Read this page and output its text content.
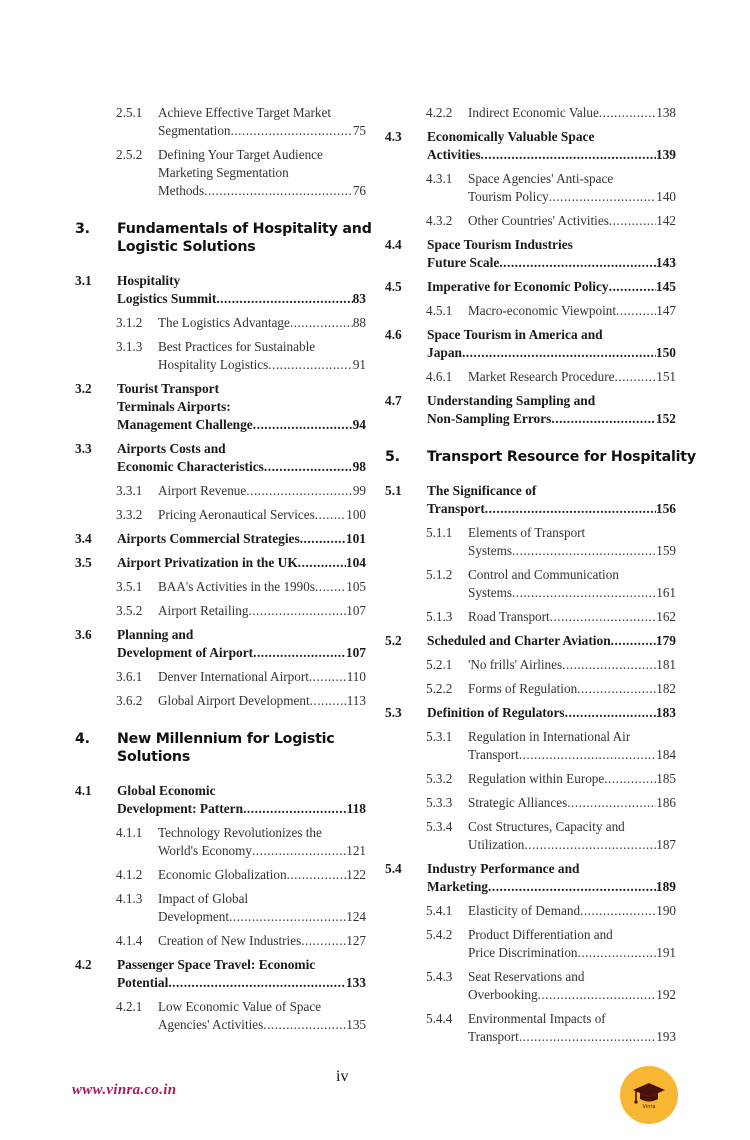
2.5.1	Achieve Effective Target Market
Segmentation .....	75
2.5.2	Defining Your Target Audience
Marketing Segmentation
Methods .....	76
3.	Fundamentals of Hospitality and
Logistic Solutions
3.1	Hospitality
Logistics Summit .....	83
3.1.2	The Logistics Advantage .....	88
3.1.3	Best Practices for Sustainable
Hospitality Logistics .....	91
3.2	Tourist Transport
Terminals Airports:
Management Challenge .....	94
3.3	Airports Costs and
Economic Characteristics .....	98
3.3.1	Airport Revenue .....	99
3.3.2	Pricing Aeronautical Services ..... 100
3.4	Airports Commercial Strategies .....	101
3.5	Airport Privatization in the UK .....	104
3.5.1	BAA's Activities in the 1990s ..... 105
3.5.2	Airport Retailing .....	107
3.6	Planning and
Development of Airport .....	107
3.6.1	Denver International Airport .....	110
3.6.2	Global Airport Development .....	113
4.	New Millennium for Logistic
Solutions
4.1	Global Economic
Development: Pattern .....	118
4.1.1	Technology Revolutionizes the
World's Economy .....	121
4.1.2	Economic Globalization .....	122
4.1.3	Impact of Global
Development .....	124
4.1.4	Creation of New Industries .....	127
4.2	Passenger Space Travel: Economic
Potential .....	133
4.2.1	Low Economic Value of Space
Agencies' Activities .....	135
4.2.2	Indirect Economic Value .....	138
4.3	Economically Valuable Space
Activities .....	139
4.3.1	Space Agencies' Anti-space
Tourism Policy .....	140
4.3.2	Other Countries' Activities .....	142
4.4	Space Tourism Industries
Future Scale .....	143
4.5	Imperative for Economic Policy .....	145
4.5.1	Macro-economic Viewpoint .....	147
4.6	Space Tourism in America and
Japan .....	150
4.6.1	Market Research Procedure .....	151
4.7	Understanding Sampling and
Non-Sampling Errors .....	152
5.	Transport Resource for Hospitality
5.1	The Significance of
Transport .....	156
5.1.1	Elements of Transport
Systems .....	159
5.1.2	Control and Communication
Systems .....	161
5.1.3	Road Transport .....	162
5.2	Scheduled and Charter Aviation .....	179
5.2.1	'No frills' Airlines .....	181
5.2.2	Forms of Regulation .....	182
5.3	Definition of Regulators .....	183
5.3.1	Regulation in International Air
Transport .....	184
5.3.2	Regulation within Europe .....	185
5.3.3	Strategic Alliances .....	186
5.3.4	Cost Structures, Capacity and
Utilization .....	187
5.4	Industry Performance and
Marketing .....	189
5.4.1	Elasticity of Demand .....	190
5.4.2	Product Differentiation and
Price Discrimination .....	191
5.4.3	Seat Reservations and
Overbooking .....	192
5.4.4	Environmental Impacts of
Transport .....	193
iv
www.vinra.co.in
Vinra
